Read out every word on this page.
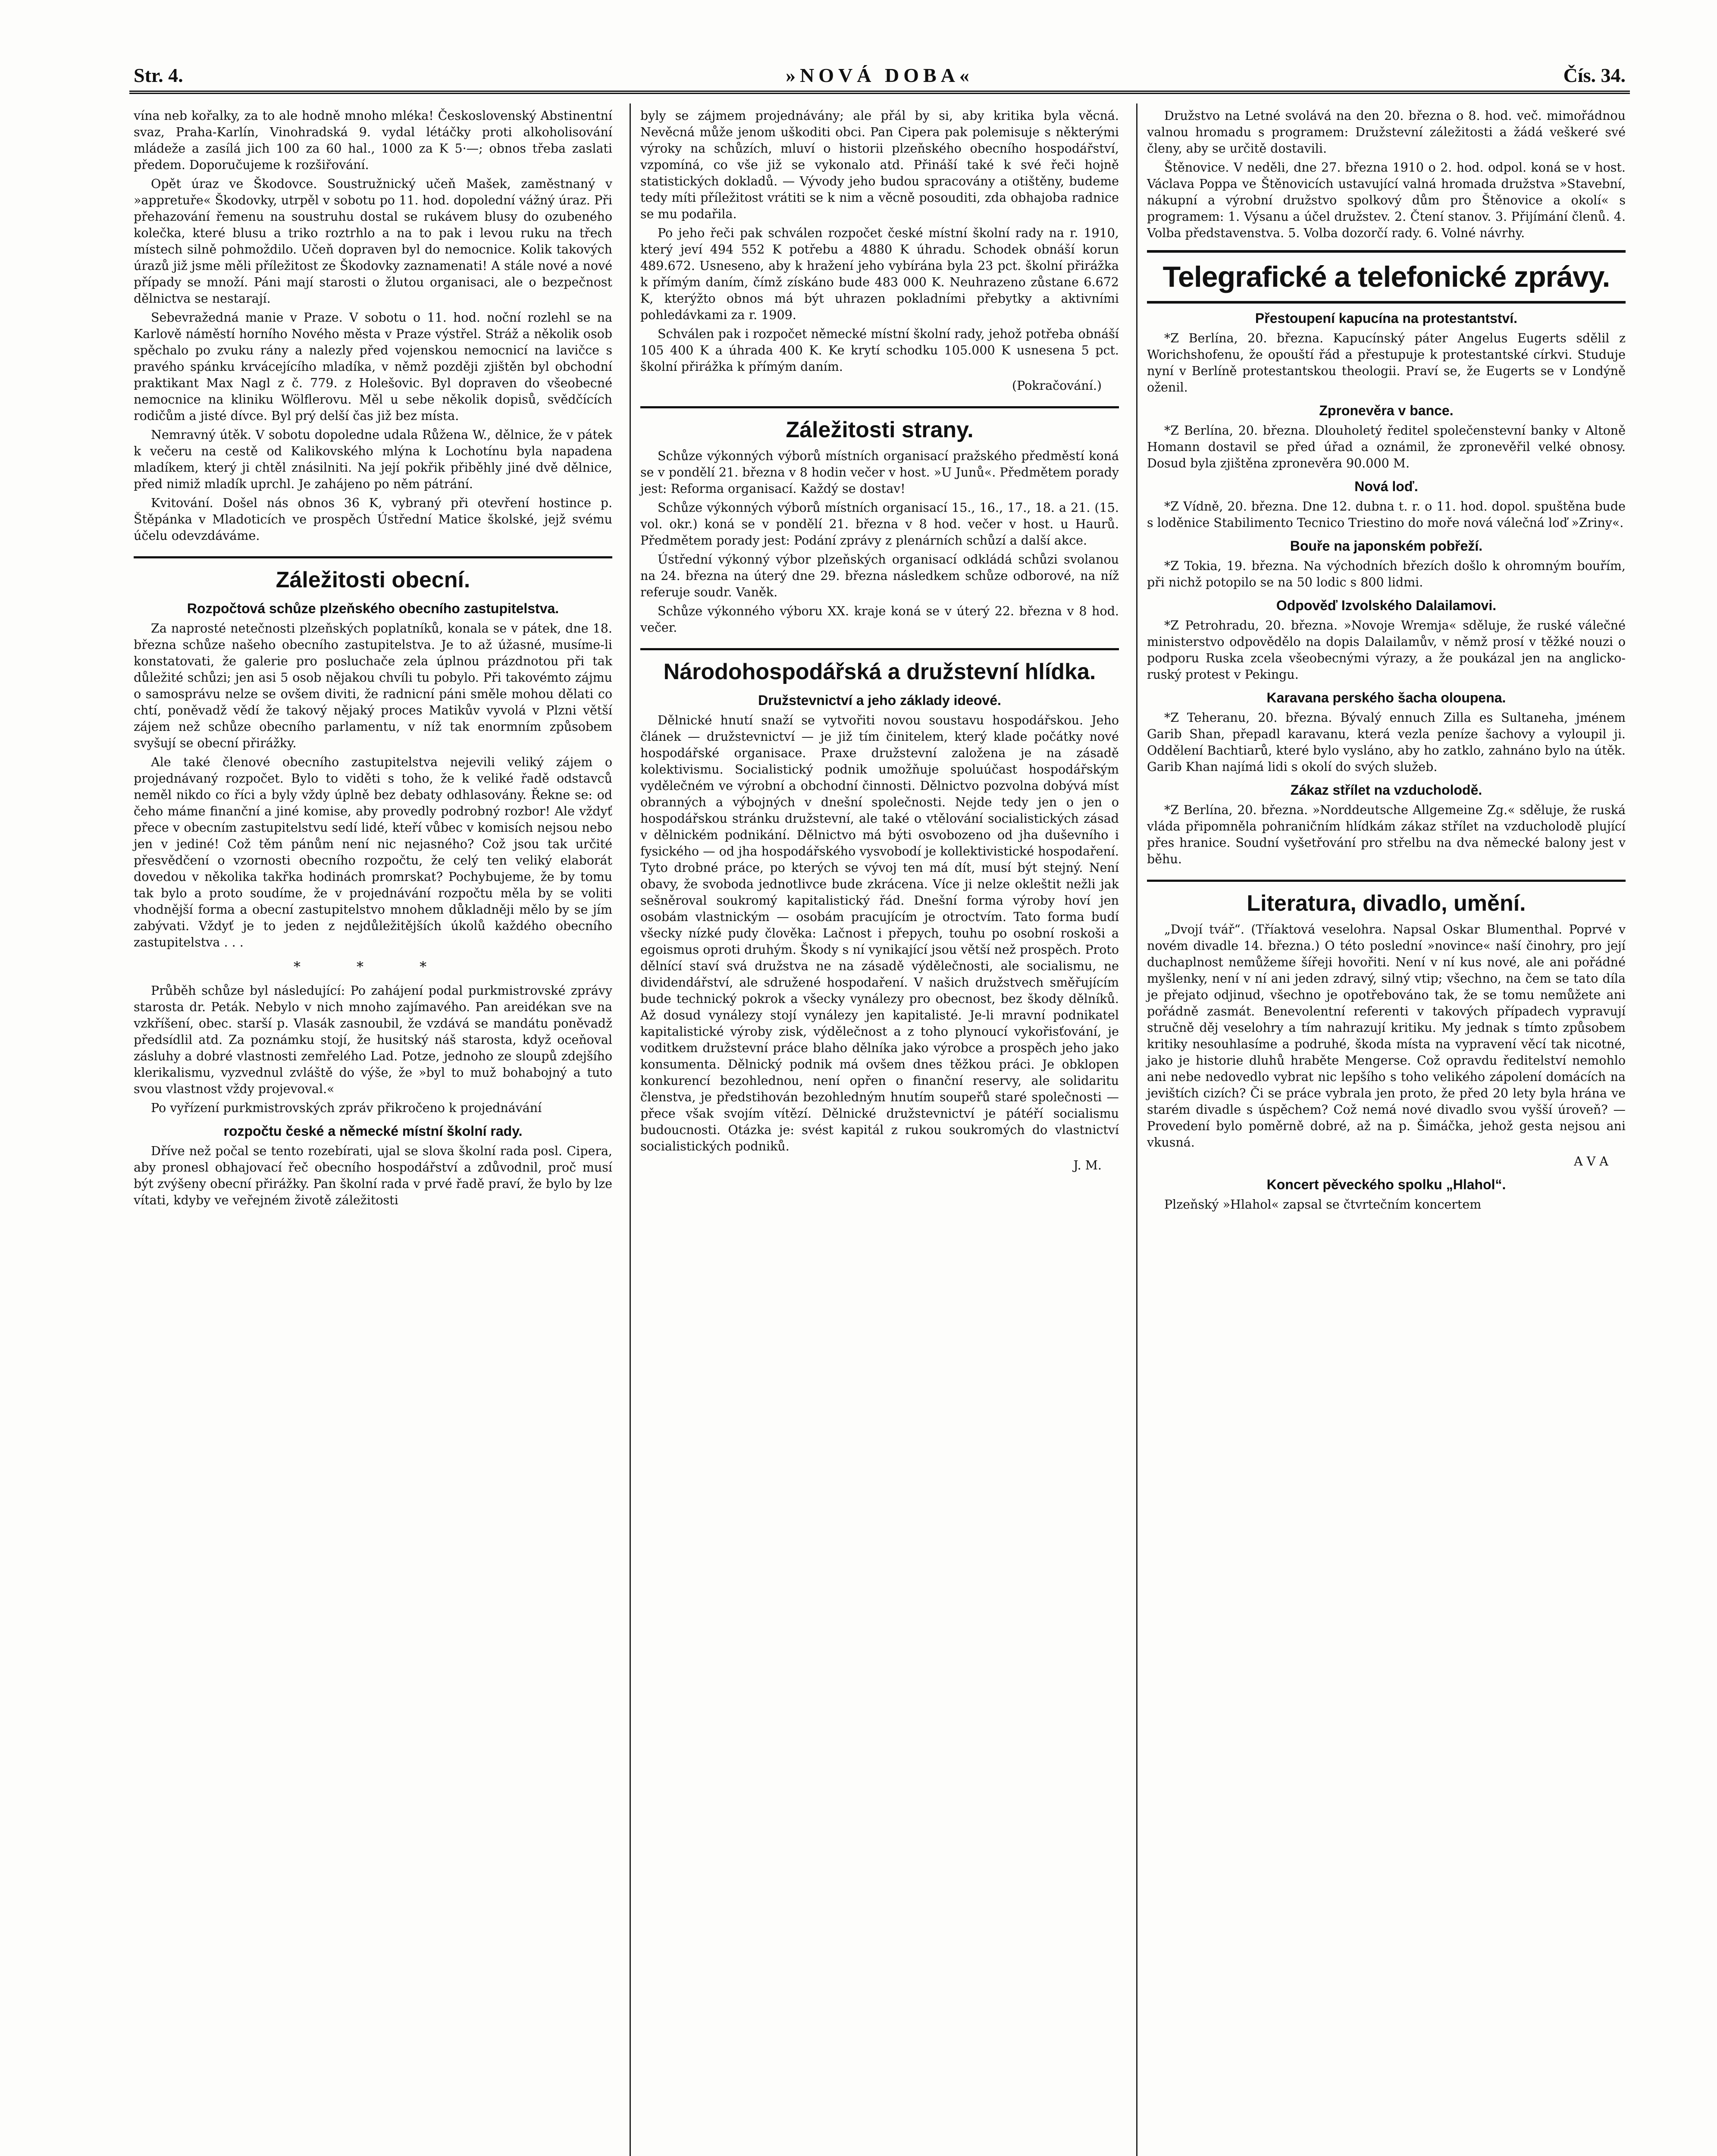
Str. 4.	»NOVÁ DOBA«	Čís. 34.

vína neb kořalky, za to ale hodně mnoho mléka! Československý Abstinentní svaz, Praha-Karlín, Vinohradská 9. vydal létáčky proti alkoholisování mládeže a zasílá jich 100 za 60 hal., 1000 za K 5·—; obnos třeba zaslati předem. Doporučujeme k rozšiřování.

Opět úraz ve Škodovce. Soustružnický učeň Mašek, zaměstnaný v »appretuře« Škodovky, utrpěl v sobotu po 11. hod. dopolední vážný úraz. Při přehazování řemenu na soustruhu dostal se rukávem blusy do ozubeného kolečka, které blusu a triko roztrhlo a na to pak i levou ruku na třech místech silně pohmoždilo. Učeň dopraven byl do nemocnice. Kolik takových úrazů již jsme měli příležitost ze Škodovky zaznamenati! A stále nové a nové případy se množí. Páni mají starosti o žlutou organisaci, ale o bezpečnost dělnictva se nestarají.

Sebevražedná manie v Praze. V sobotu o 11. hod. noční rozlehl se na Karlově náměstí horního Nového města v Praze výstřel. Stráž a několik osob spěchalo po zvuku rány a nalezly před vojenskou nemocnicí na lavičce s pravého spánku krvácejícího mladíka, v němž později zjištěn byl obchodní praktikant Max Nagl z č. 779. z Holešovic. Byl dopraven do všeobecné nemocnice na kliniku Wölflerovu. Měl u sebe několik dopisů, svědčících rodičům a jisté dívce. Byl prý delší čas již bez místa.

Nemravný útěk. V sobotu dopoledne udala Růžena W., dělnice, že v pátek k večeru na cestě od Kalikovského mlýna k Lochotínu byla napadena mladíkem, který ji chtěl znásilniti. Na její pokřik přiběhly jiné dvě dělnice, před nimiž mladík uprchl. Je zahájeno po něm pátrání.

Kvitování. Došel nás obnos 36 K, vybraný při otevření hostince p. Štěpánka v Mladoticích ve prospěch Ústřední Matice školské, jejž svému účelu odevzdáváme.

Záležitosti obecní.
Rozpočtová schůze plzeňského obecního zastupitelstva.

Za naprosté netečnosti plzeňských poplatníků, konala se v pátek, dne 18. března schůze našeho obecního zastupitelstva. Je to až úžasné, musíme-li konstatovati, že galerie pro posluchače zela úplnou prázdnotou při tak důležité schůzi; jen asi 5 osob nějakou chvíli tu pobylo. Při takovémto zájmu o samosprávu nelze se ovšem diviti, že radnicní páni směle mohou dělati co chtí, poněvadž vědí že takový nějaký proces Matikův vyvolá v Plzni větší zájem než schůze obecního parlamentu, v níž tak enormním způsobem svyšují se obecní přirážky.

Ale také členové obecního zastupitelstva nejevili veliký zájem o projednávaný rozpočet. Bylo to viděti s toho, že k veliké řadě odstavců neměl nikdo co říci a byly vždy úplně bez debaty odhlasovány. Řekne se: od čeho máme finanční a jiné komise, aby provedly podrobný rozbor! Ale vždyť přece v obecním zastupitelstvu sedí lidé, kteří vůbec v komisích nejsou nebo jen v jediné! Což těm pánům není nic nejasného? Což jsou tak určité přesvědčení o vzornosti obecního rozpočtu, že celý ten veliký elaborát dovedou v několika takřka hodinách promrskat? Pochybujeme, že by tomu tak bylo a proto soudíme, že v projednávání rozpočtu měla by se voliti vhodnější forma a obecní zastupitelstvo mnohem důkladněji mělo by se jím zabývati. Vždyť je to jeden z nejdůležitějších úkolů každého obecního zastupitelstva . . .

* * *

Průběh schůze byl následující: Po zahájení podal purkmistrovské zprávy starosta dr. Peták. Nebylo v nich mnoho zajímavého. Pan areidékan sve na vzkříšení, obec. starší p. Vlasák zasnoubil, že vzdává se mandátu poněvadž předsídlil atd. Za poznámku stojí, že husitský náš starosta, když oceňoval zásluhy a dobré vlastnosti zemřelého Lad. Potze, jednoho ze sloupů zdejšího klerikalismu, vyzvednul zvláště do výše, že »byl to muž bohabojný a tuto svou vlastnost vždy projevoval.«

Po vyřízení purkmistrovských zpráv přikročeno k projednávání

rozpočtu české a německé místní školní rady.

Dříve než počal se tento rozebírati, ujal se slova školní rada posl. Cipera, aby pronesl obhajovací řeč obecního hospodářství a zdůvodnil, proč musí být zvýšeny obecní přirážky. Pan školní rada v prvé řadě praví, že bylo by lze vítati, kdyby ve veřejném životě záležitosti

byly se zájmem projednávány; ale přál by si, aby kritika byla věcná. Nevěcná může jenom uškoditi obci. Pan Cipera pak polemisuje s některými výroky na schůzích, mluví o historii plzeňského obecního hospodářství, vzpomíná, co vše již se vykonalo atd. Přináší také k své řeči hojně statistických dokladů. — Vývody jeho budou spracovány a otištěny, budeme tedy míti příležitost vrátiti se k nim a věcně posouditi, zda obhajoba radnice se mu podařila.

Po jeho řeči pak schválen rozpočet české místní školní rady na r. 1910, který jeví 494 552 K potřebu a 4880 K úhradu. Schodek obnáší korun 489.672. Usneseno, aby k hražení jeho vybírána byla 23 pct. školní přirážka k přímým daním, čímž získáno bude 483 000 K. Neuhrazeno zůstane 6.672 K, kterýžto obnos má být uhrazen pokladními přebytky a aktivními pohledávkami za r. 1909.

Schválen pak i rozpočet německé místní školní rady, jehož potřeba obnáší 105 400 K a úhrada 400 K. Ke krytí schodku 105.000 K usnesena 5 pct. školní přirážka k přímým daním.

(Pokračování.)
Záležitosti strany.

Schůze výkonných výborů místních organisací pražského předměstí koná se v pondělí 21. března v 8 hodin večer v host. »U Junů«. Předmětem porady jest: Reforma organisací. Každý se dostav!

Schůze výkonných výborů místních organisací 15., 16., 17., 18. a 21. (15. vol. okr.) koná se v pondělí 21. března v 8 hod. večer v host. u Haurů. Předmětem porady jest: Podání zprávy z plenárních schůzí a další akce.

Ústřední výkonný výbor plzeňských organisací odkládá schůzi svolanou na 24. března na úterý dne 29. března následkem schůze odborové, na níž referuje soudr. Vaněk.

Schůze výkonného výboru XX. kraje koná se v úterý 22. března v 8 hod. večer.

Národohospodářská a družstevní hlídka.
Družstevnictví a jeho základy ideové.

Dělnické hnutí snaží se vytvořiti novou soustavu hospodářskou. Jeho článek — družstevnictví — je již tím činitelem, který klade počátky nové hospodářské organisace. Praxe družstevní založena je na zásadě kolektivismu. Socialistický podnik umožňuje spoluúčast hospodářským vydělečném ve výrobní a obchodní činnosti. Dělnictvo pozvolna dobývá míst obranných a výbojných v dnešní společnosti. Nejde tedy jen o jen o hospodářskou stránku družstevní, ale také o vtělování socialistických zásad v dělnickém podnikání. Dělnictvo má býti osvobozeno od jha duševního i fysického — od jha hospodářského vysvobodí je kollektivistické hospodaření. Tyto drobné práce, po kterých se vývoj ten má dít, musí být stejný. Není obavy, že svoboda jednotlivce bude zkrácena. Více ji nelze okleštit nežli jak sešněroval soukromý kapitalistický řád. Dnešní forma výroby hoví jen osobám vlastnickým — osobám pracujícím je otroctvím. Tato forma budí všecky nízké pudy člověka: Lačnost i přepych, touhu po osobní roskoši a egoismus oproti druhým. Škody s ní vynikající jsou větší než prospěch. Proto dělnící staví svá družstva ne na zásadě výdělečnosti, ale socialismu, ne dividendářství, ale sdružené hospodaření. V našich družstvech směřujícím bude technický pokrok a všecky vynálezy pro obecnost, bez škody dělníků. Až dosud vynálezy stojí vynálezy jen kapitalisté. Je-li mravní podnikatel kapitalistické výroby zisk, výdělečnost a z toho plynoucí vykořisťování, je voditkem družstevní práce blaho dělníka jako výrobce a prospěch jeho jako konsumenta. Dělnický podnik má ovšem dnes těžkou práci. Je obklopen konkurencí bezohlednou, není opřen o finanční reservy, ale solidaritu členstva, je předstihován bezohledným hnutím soupeřů staré společnosti — přece však svojím vítězí. Dělnické družstevnictví je pátéří socialismu budoucnosti. Otázka je: svést kapitál z rukou soukromých do vlastnictví socialistických podniků.

J. M.

Družstvo na Letné svolává na den 20. března o 8. hod. več. mimořádnou valnou hromadu s programem: Družstevní záležitosti a žádá veškeré své členy, aby se určitě dostavili.

Štěnovice. V neděli, dne 27. března 1910 o 2. hod. odpol. koná se v host. Václava Poppa ve Štěnovicích ustavující valná hromada družstva »Stavební, nákupní a výrobní družstvo spolkový dům pro Štěnovice a okolí« s programem: 1. Výsanu a účel družstev. 2. Čtení stanov. 3. Přijímání členů. 4. Volba představenstva. 5. Volba dozorčí rady. 6. Volné návrhy.

Telegrafické a telefonické zprávy.
Přestoupení kapucína na protestantství.

*Z Berlína, 20. března. Kapucínský páter Angelus Eugerts sdělil z Worichshofenu, že opouští řád a přestupuje k protestantské církvi. Studuje nyní v Berlíně protestantskou theologii. Praví se, že Eugerts se v Londýně oženil.

Zpronevěra v bance.

*Z Berlína, 20. března. Dlouholetý ředitel společenstevní banky v Altoně Homann dostavil se před úřad a oznámil, že zpronevěřil velké obnosy. Dosud byla zjištěna zpronevěra 90.000 M.

Nová loď.

*Z Vídně, 20. března. Dne 12. dubna t. r. o 11. hod. dopol. spuštěna bude s loděnice Stabilimento Tecnico Triestino do moře nová válečná loď »Zriny«.

Bouře na japonském pobřeží.

*Z Tokia, 19. března. Na východních březích došlo k ohromným bouřím, při nichž potopilo se na 50 lodic s 800 lidmi.

Odpověď Izvolského Dalailamovi.

*Z Petrohradu, 20. března. »Novoje Wremja« sděluje, že ruské válečné ministerstvo odpovědělo na dopis Dalailamův, v němž prosí v těžké nouzi o podporu Ruska zcela všeobecnými výrazy, a že poukázal jen na anglicko-ruský protest v Pekingu.

Karavana perského šacha oloupena.

*Z Teheranu, 20. března. Bývalý ennuch Zilla es Sultaneha, jménem Garib Shan, přepadl karavanu, která vezla peníze šachovy a vyloupil ji. Oddělení Bachtiarů, které bylo vysláno, aby ho zatklo, zahnáno bylo na útěk. Garib Khan najímá lidi s okolí do svých služeb.

Zákaz střílet na vzducholodě.

*Z Berlína, 20. března. »Norddeutsche Allgemeine Zg.« sděluje, že ruská vláda připomněla pohraničním hlídkám zákaz střílet na vzducholodě plující přes hranice. Soudní vyšetřování pro střelbu na dva německé balony jest v běhu.

Literatura, divadlo, umění.

„Dvojí tvář“. (Tříaktová veselohra. Napsal Oskar Blumenthal. Poprvé v novém divadle 14. března.) O této poslední »novince« naší činohry, pro její duchaplnost nemůžeme šířeji hovořiti. Není v ní kus nové, ale ani pořádné myšlenky, není v ní ani jeden zdravý, silný vtip; všechno, na čem se tato díla je přejato odjinud, všechno je opotřebováno tak, že se tomu nemůžete ani pořádně zasmát. Benevolentní referenti v takových případech vypravují stručně děj veselohry a tím nahrazují kritiku. My jednak s tímto způsobem kritiky nesouhlasíme a podruhé, škoda místa na vypravení věcí tak nicotné, jako je historie dluhů hraběte Mengerse. Což opravdu ředitelství nemohlo ani nebe nedovedlo vybrat nic lepšího s toho velikého zápolení domácích na jevištích cizích? Či se práce vybrala jen proto, že před 20 lety byla hrána ve starém divadle s úspěchem? Což nemá nové divadlo svou vyšší úroveň? — Provedení bylo poměrně dobré, až na p. Šimáčka, jehož gesta nejsou ani vkusná.

A V A
Koncert pěveckého spolku „Hlahol“.

Plzeňský »Hlahol« zapsal se čtvrtečním koncertem
